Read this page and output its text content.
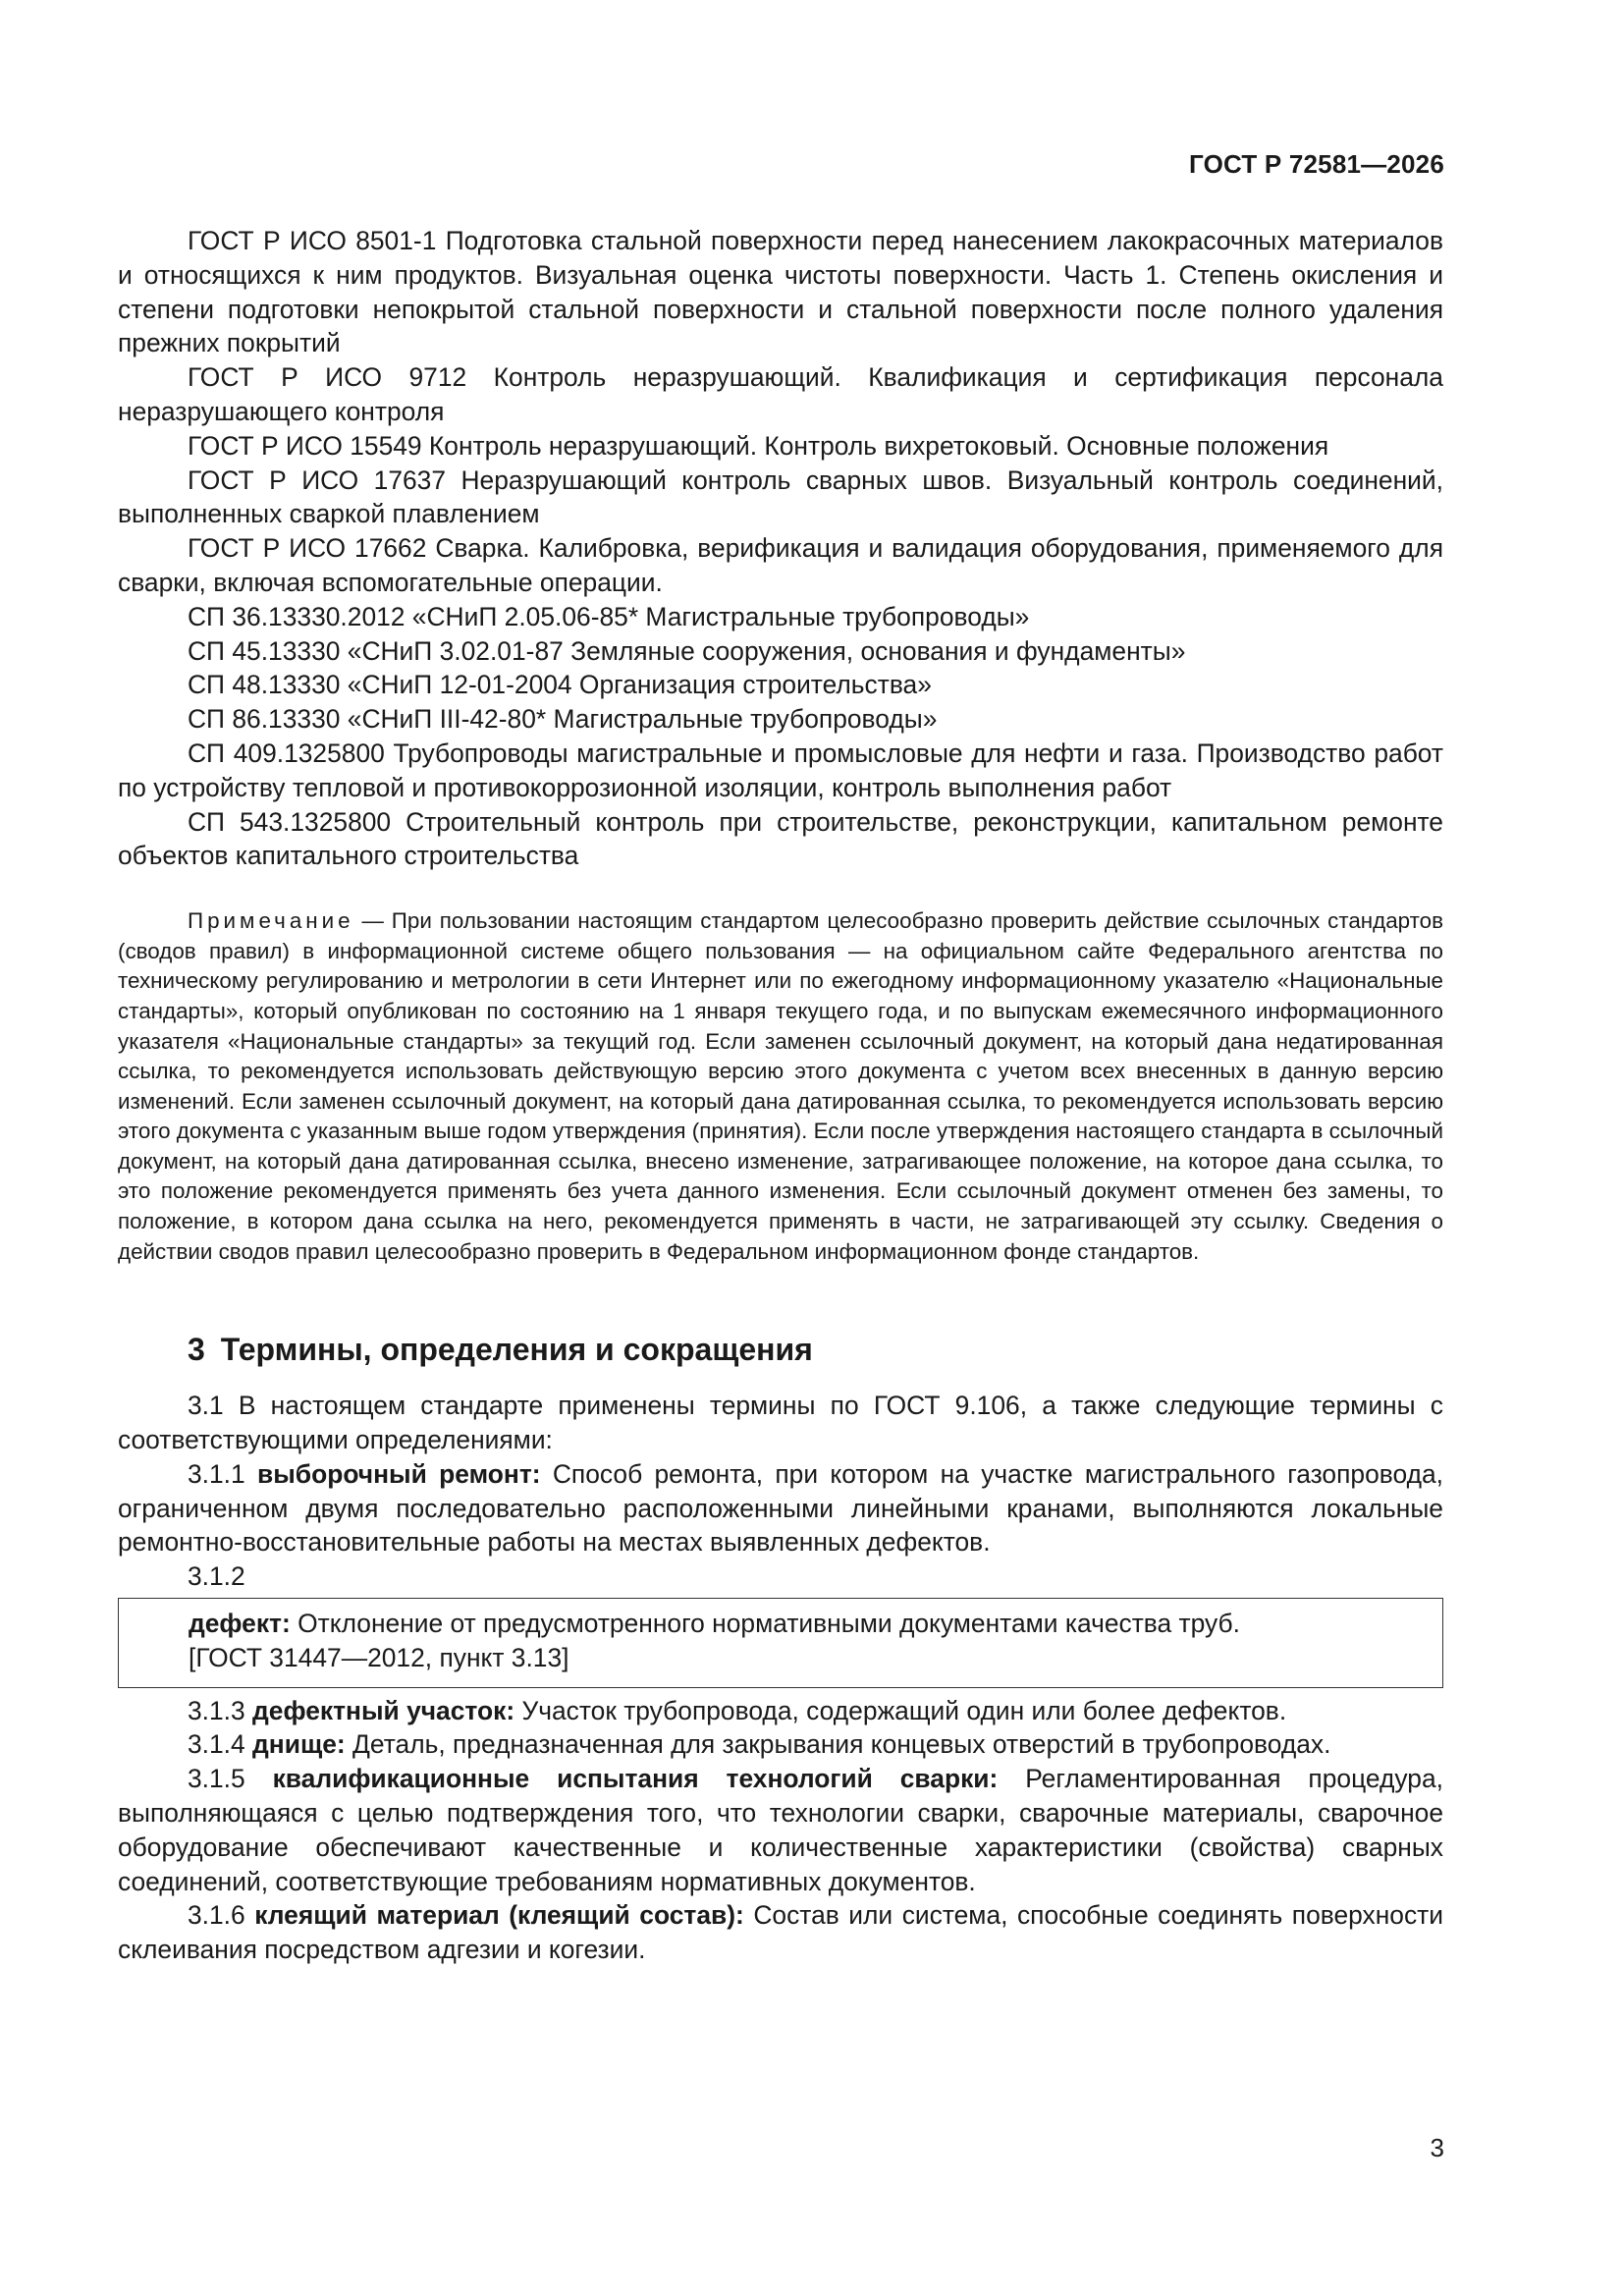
ГОСТ Р 72581—2026

ГОСТ Р ИСО 8501-1 Подготовка стальной поверхности перед нанесением лакокрасочных материалов и относящихся к ним продуктов. Визуальная оценка чистоты поверхности. Часть 1. Степень окисления и степени подготовки непокрытой стальной поверхности и стальной поверхности после полного удаления прежних покрытий

ГОСТ Р ИСО 9712 Контроль неразрушающий. Квалификация и сертификация персонала неразрушающего контроля

ГОСТ Р ИСО 15549 Контроль неразрушающий. Контроль вихретоковый. Основные положения

ГОСТ Р ИСО 17637 Неразрушающий контроль сварных швов. Визуальный контроль соединений, выполненных сваркой плавлением

ГОСТ Р ИСО 17662 Сварка. Калибровка, верификация и валидация оборудования, применяемого для сварки, включая вспомогательные операции.

СП 36.13330.2012 «СНиП 2.05.06-85* Магистральные трубопроводы»

СП 45.13330 «СНиП 3.02.01-87 Земляные сооружения, основания и фундаменты»

СП 48.13330 «СНиП 12-01-2004 Организация строительства»

СП 86.13330 «СНиП III-42-80* Магистральные трубопроводы»

СП 409.1325800 Трубопроводы магистральные и промысловые для нефти и газа. Производство работ по устройству тепловой и противокоррозионной изоляции, контроль выполнения работ

СП 543.1325800 Строительный контроль при строительстве, реконструкции, капитальном ремонте объектов капитального строительства

Примечание — При пользовании настоящим стандартом целесообразно проверить действие ссылочных стандартов (сводов правил) в информационной системе общего пользования — на официальном сайте Федерального агентства по техническому регулированию и метрологии в сети Интернет или по ежегодному информационному указателю «Национальные стандарты», который опубликован по состоянию на 1 января текущего года, и по выпускам ежемесячного информационного указателя «Национальные стандарты» за текущий год. Если заменен ссылочный документ, на который дана недатированная ссылка, то рекомендуется использовать действующую версию этого документа с учетом всех внесенных в данную версию изменений. Если заменен ссылочный документ, на который дана датированная ссылка, то рекомендуется использовать версию этого документа с указанным выше годом утверждения (принятия). Если после утверждения настоящего стандарта в ссылочный документ, на который дана датированная ссылка, внесено изменение, затрагивающее положение, на которое дана ссылка, то это положение рекомендуется применять без учета данного изменения. Если ссылочный документ отменен без замены, то положение, в котором дана ссылка на него, рекомендуется применять в части, не затрагивающей эту ссылку. Сведения о действии сводов правил целесообразно проверить в Федеральном информационном фонде стандартов.

3 Термины, определения и сокращения

3.1 В настоящем стандарте применены термины по ГОСТ 9.106, а также следующие термины с соответствующими определениями:

3.1.1 выборочный ремонт: Способ ремонта, при котором на участке магистрального газопровода, ограниченном двумя последовательно расположенными линейными кранами, выполняются локальные ремонтно-восстановительные работы на местах выявленных дефектов.

3.1.2

дефект: Отклонение от предусмотренного нормативными документами качества труб.

[ГОСТ 31447—2012, пункт 3.13]

3.1.3 дефектный участок: Участок трубопровода, содержащий один или более дефектов.

3.1.4 днище: Деталь, предназначенная для закрывания концевых отверстий в трубопроводах.

3.1.5 квалификационные испытания технологий сварки: Регламентированная процедура, выполняющаяся с целью подтверждения того, что технологии сварки, сварочные материалы, сварочное оборудование обеспечивают качественные и количественные характеристики (свойства) сварных соединений, соответствующие требованиям нормативных документов.

3.1.6 клеящий материал (клеящий состав): Состав или система, способные соединять поверхности склеивания посредством адгезии и когезии.

3
